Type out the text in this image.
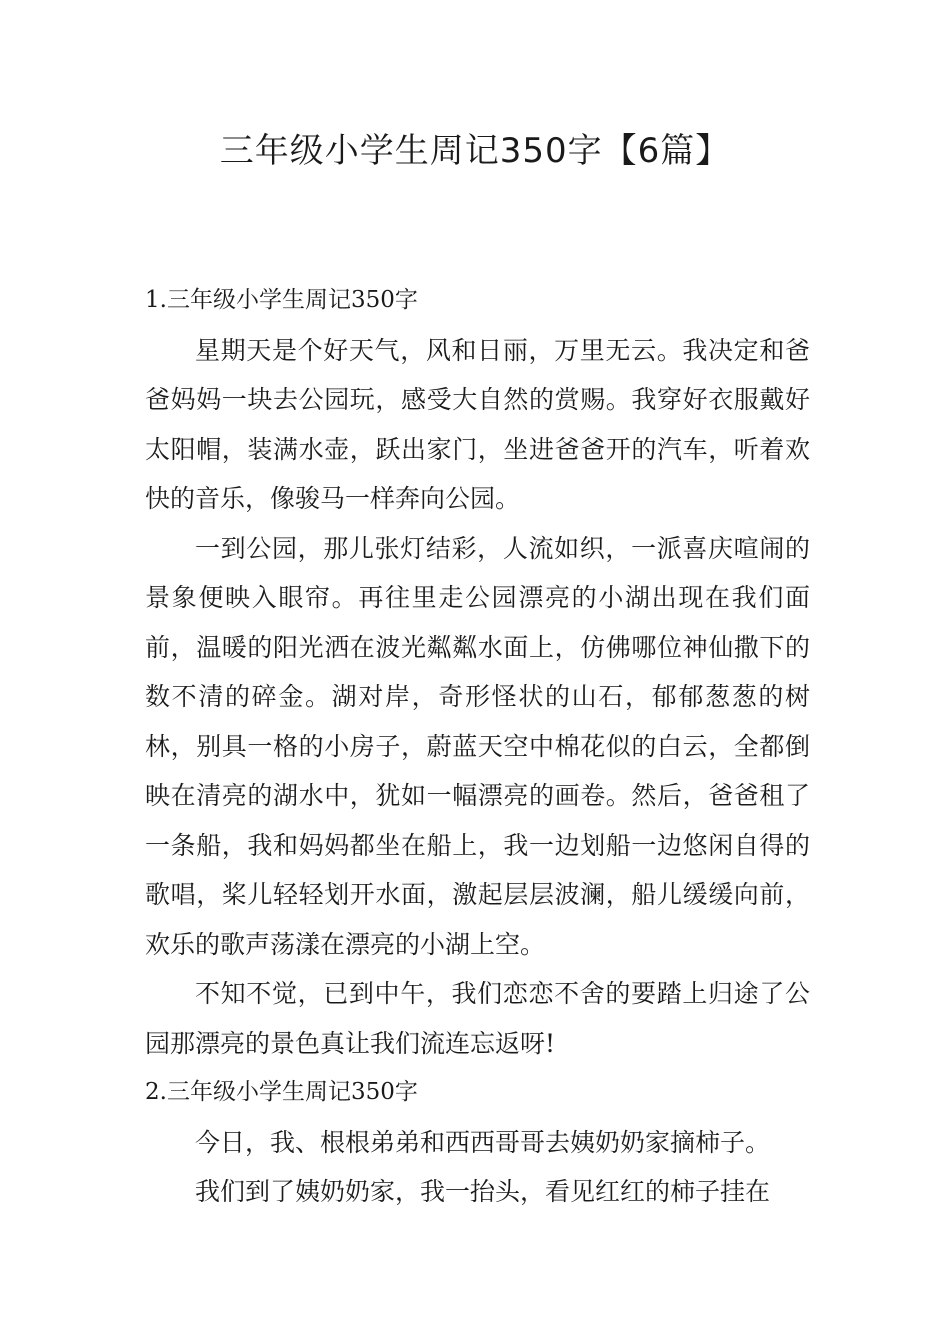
三年级小学生周记350字【6篇】
1.三年级小学生周记350字

星期天是个好天气，风和日丽，万里无云。我决定和爸爸妈妈一块去公园玩，感受大自然的赏赐。我穿好衣服戴好太阳帽，装满水壶，跃出家门，坐进爸爸开的汽车，听着欢快的音乐，像骏马一样奔向公园。

一到公园，那儿张灯结彩，人流如织，一派喜庆喧闹的景象便映入眼帘。再往里走公园漂亮的小湖出现在我们面前，温暖的阳光洒在波光粼粼水面上，仿佛哪位神仙撒下的数不清的碎金。湖对岸，奇形怪状的山石，郁郁葱葱的树林，别具一格的小房子，蔚蓝天空中棉花似的白云，全都倒映在清亮的湖水中，犹如一幅漂亮的画卷。然后，爸爸租了一条船，我和妈妈都坐在船上，我一边划船一边悠闲自得的歌唱，桨儿轻轻划开水面，激起层层波澜，船儿缓缓向前，欢乐的歌声荡漾在漂亮的小湖上空。

不知不觉，已到中午，我们恋恋不舍的要踏上归途了公园那漂亮的景色真让我们流连忘返呀!

2.三年级小学生周记350字

今日，我、根根弟弟和西西哥哥去姨奶奶家摘柿子。

我们到了姨奶奶家，我一抬头，看见红红的柿子挂在
